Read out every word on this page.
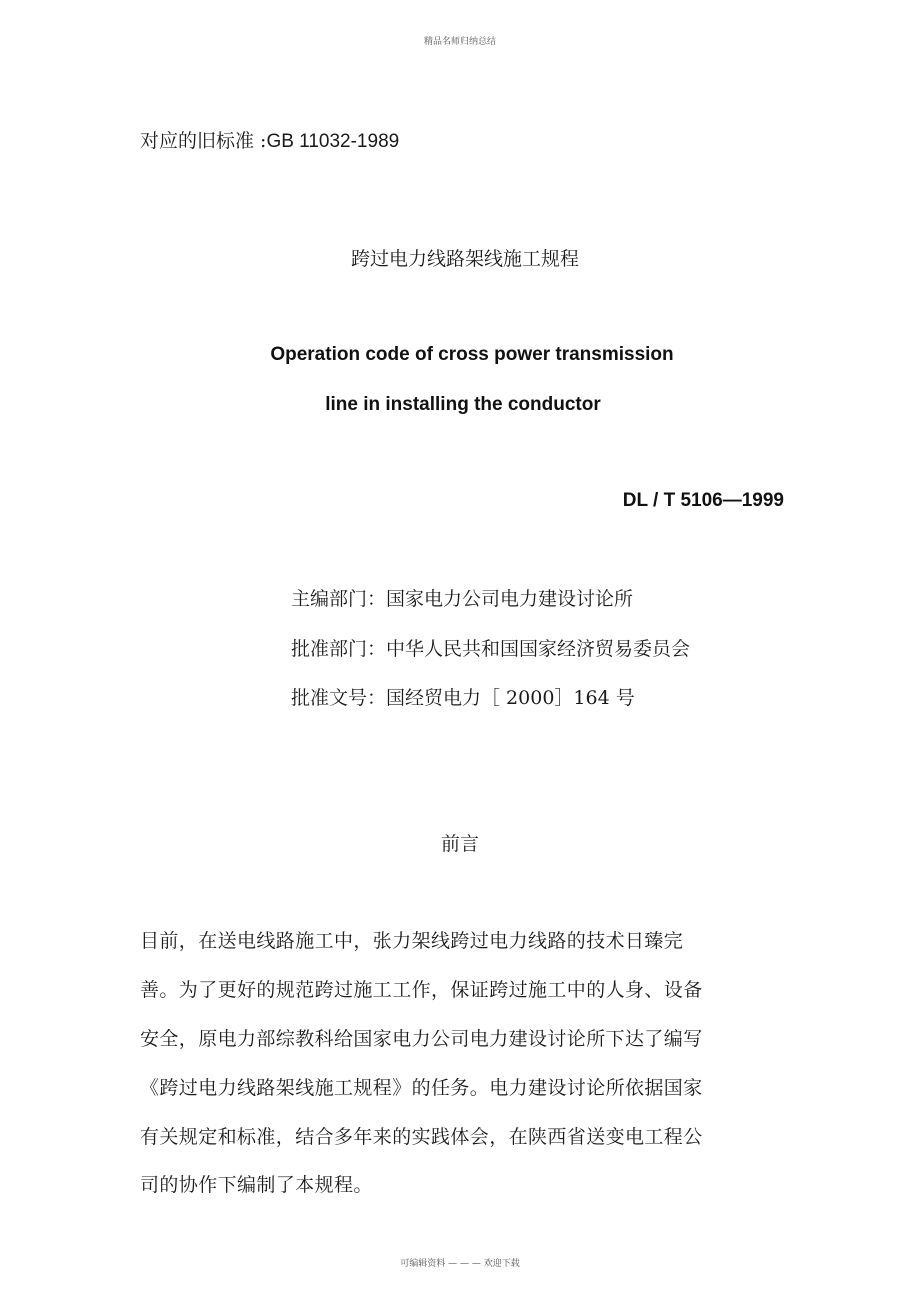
精品名师归纳总结
对应的旧标准 :GB 11032-1989
跨过电力线路架线施工规程
Operation code of cross power transmission
line in installing the conductor
DL / T 5106—1999
主编部门：国家电力公司电力建设讨论所
批准部门：中华人民共和国国家经济贸易委员会
批准文号：国经贸电力［ 2000］164 号
前言
目前，在送电线路施工中，张力架线跨过电力线路的技术日臻完
善。为了更好的规范跨过施工工作，保证跨过施工中的人身、设备
安全，原电力部综教科给国家电力公司电力建设讨论所下达了编写
《跨过电力线路架线施工规程》的任务。电力建设讨论所依据国家
有关规定和标准，结合多年来的实践体会，在陕西省送变电工程公
司的协作下编制了本规程。
可编辑资料 — — — 欢迎下载
